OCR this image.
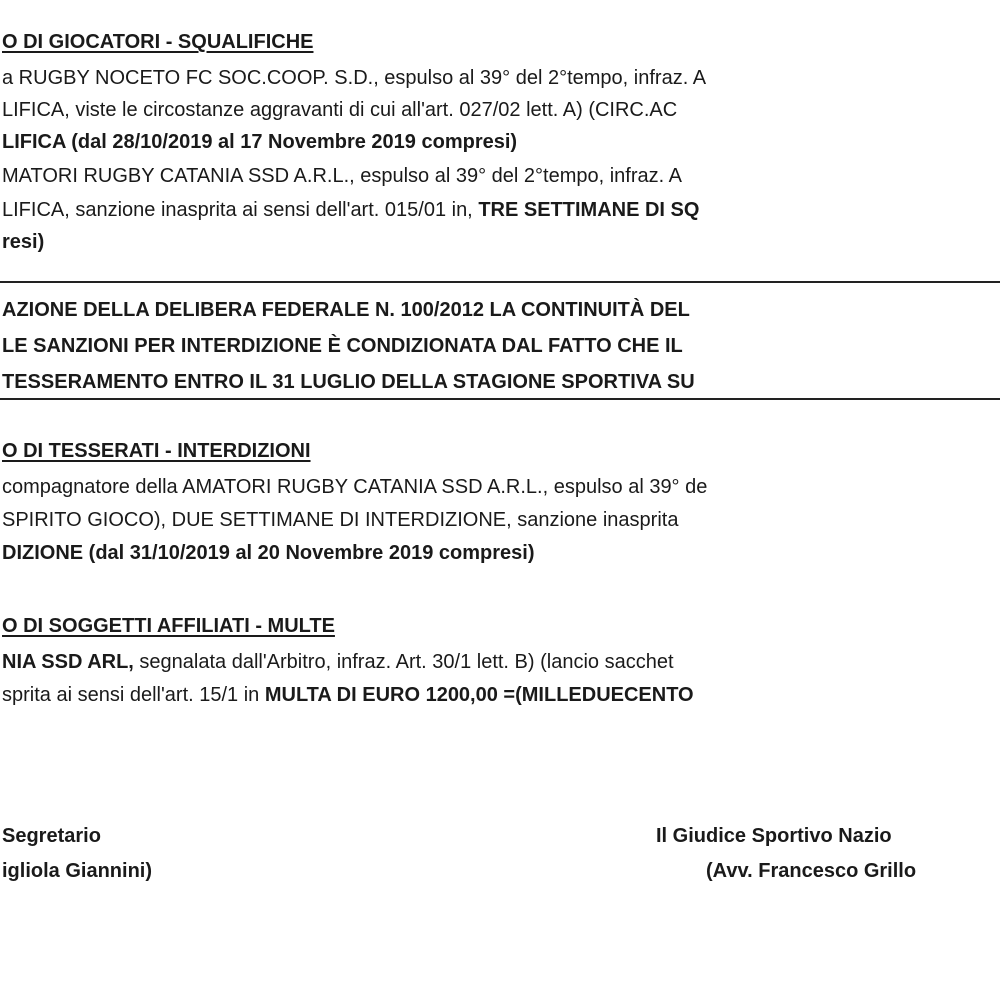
O DI GIOCATORI - SQUALIFICHE
a RUGBY NOCETO FC SOC.COOP. S.D., espulso al 39° del 2°tempo, infraz. A
LIFICA, viste le circostanze aggravanti di cui all'art. 027/02 lett. A) (CIRC.AC
LIFICA (dal 28/10/2019 al 17 Novembre 2019 compresi)
MATORI RUGBY CATANIA SSD A.R.L., espulso al 39° del 2°tempo, infraz. A
LIFICA, sanzione inasprita ai sensi dell'art. 015/01 in, TRE SETTIMANE DI SQ
resi)
AZIONE DELLA DELIBERA FEDERALE N. 100/2012 LA CONTINUITÀ DEL
LE SANZIONI PER INTERDIZIONE È CONDIZIONATA DAL FATTO CHE IL
TESSERAMENTO ENTRO IL 31 LUGLIO DELLA STAGIONE SPORTIVA SU
O DI TESSERATI - INTERDIZIONI
compagnatore della AMATORI RUGBY CATANIA SSD A.R.L., espulso al 39° de
SPIRITO GIOCO), DUE SETTIMANE DI INTERDIZIONE, sanzione inasprita
DIZIONE (dal 31/10/2019 al 20 Novembre 2019 compresi)
O DI SOGGETTI AFFILIATI - MULTE
NIA SSD ARL, segnalata dall'Arbitro, infraz. Art. 30/1 lett. B) (lancio sacchet
sprita ai sensi dell'art. 15/1 in MULTA DI EURO 1200,00 =(MILLEDUECENTO
Segretario
igliola Giannini)
Il Giudice Sportivo Nazio
(Avv. Francesco Grillo
